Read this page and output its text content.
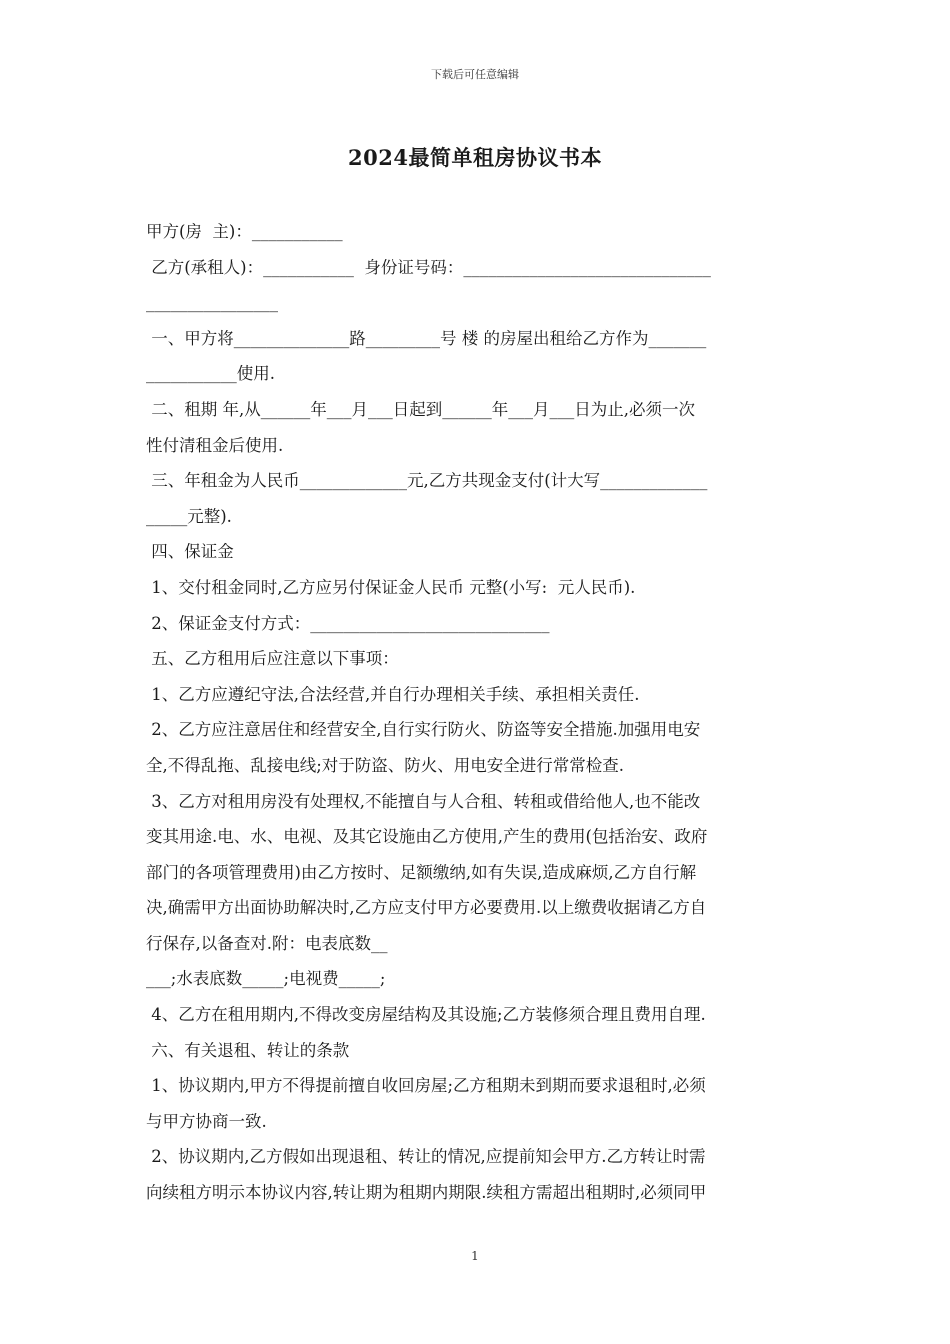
下载后可任意编辑
2024最简单租房协议书本

甲方(房  主)：___________

乙方(承租人)：___________  身份证号码：______________________________

________________

一、甲方将______________路_________号 楼 的房屋出租给乙方作为_______

___________使用.

二、租期 年,从______年___月___日起到______年___月___日为止,必须一次

性付清租金后使用.

三、年租金为人民币_____________元,乙方共现金支付(计大写_____________

_____元整).

四、保证金

1、交付租金同时,乙方应另付保证金人民币 元整(小写:  元人民币).

2、保证金支付方式：_____________________________

五、乙方租用后应注意以下事项：

1、乙方应遵纪守法,合法经营,并自行办理相关手续、承担相关责任.

2、乙方应注意居住和经营安全,自行实行防火、防盗等安全措施.加强用电安

全,不得乱拖、乱接电线;对于防盗、防火、用电安全进行常常检查.

3、乙方对租用房没有处理权,不能擅自与人合租、转租或借给他人,也不能改

变其用途.电、水、电视、及其它设施由乙方使用,产生的费用(包括治安、政府

部门的各项管理费用)由乙方按时、足额缴纳,如有失误,造成麻烦,乙方自行解

决,确需甲方出面协助解决时,乙方应支付甲方必要费用.以上缴费收据请乙方自

行保存,以备查对.附：电表底数__

___;水表底数_____;电视费_____;

4、乙方在租用期内,不得改变房屋结构及其设施;乙方装修须合理且费用自理.

六、有关退租、转让的条款

1、协议期内,甲方不得提前擅自收回房屋;乙方租期未到期而要求退租时,必须

与甲方协商一致.

2、协议期内,乙方假如出现退租、转让的情况,应提前知会甲方.乙方转让时需

向续租方明示本协议内容,转让期为租期内期限.续租方需超出租期时,必须同甲

1
